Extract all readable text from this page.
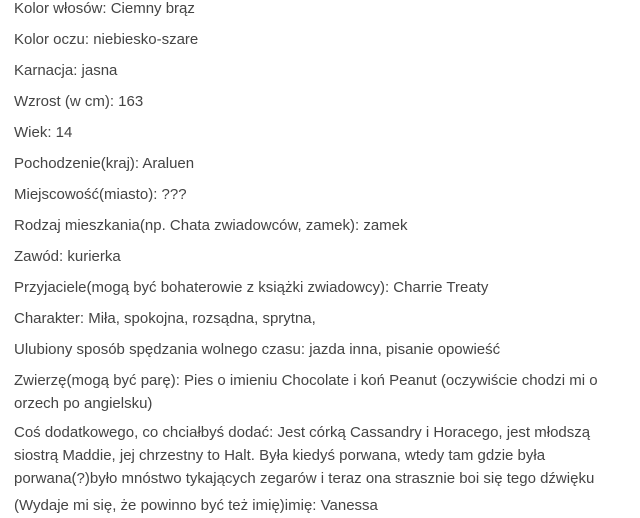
Kolor włosów: Ciemny brąz
Kolor oczu: niebiesko-szare
Karnacja: jasna
Wzrost (w cm): 163
Wiek: 14
Pochodzenie(kraj): Araluen
Miejscowość(miasto): ???
Rodzaj mieszkania(np. Chata zwiadowców, zamek): zamek
Zawód: kurierka
Przyjaciele(mogą być bohaterowie z książki zwiadowcy): Charrie Treaty
Charakter: Miła, spokojna, rozsądna, sprytna,
Ulubiony sposób spędzania wolnego czasu: jazda inna, pisanie opowieść
Zwierzę(mogą być parę): Pies o imieniu Chocolate i koń Peanut (oczywiście chodzi mi o orzech po angielsku)
Coś dodatkowego, co chciałbyś dodać: Jest córką Cassandry i Horacego, jest młodszą siostrą Maddie, jej chrzestny to Halt. Była kiedyś porwana, wtedy tam gdzie była porwana(?)było mnóstwo tykających zegarów i teraz ona strasznie boi się tego dźwięku
(Wydaje mi się, że powinno być też imię)imię: Vanessa
